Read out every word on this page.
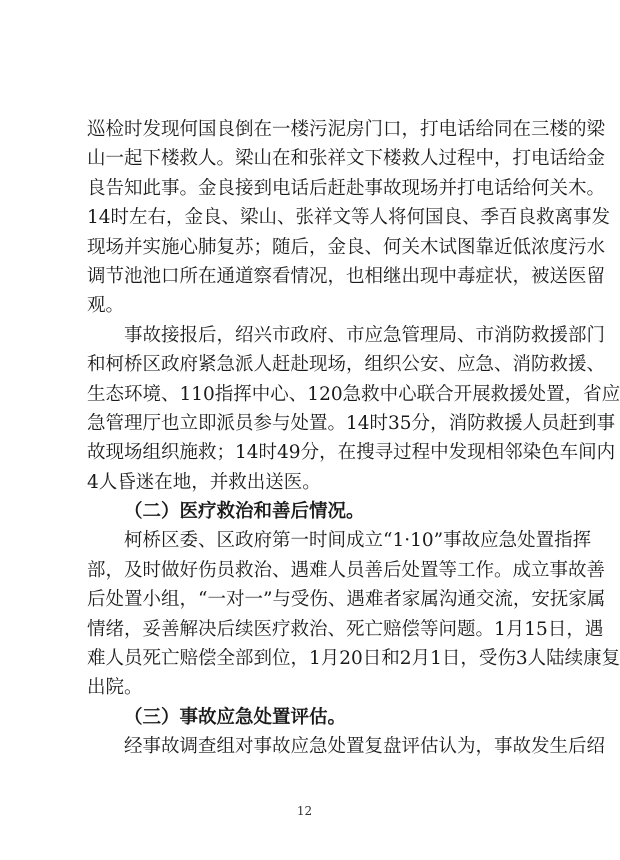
巡检时发现何国良倒在一楼污泥房门口，打电话给同在三楼的梁
山一起下楼救人。梁山在和张祥文下楼救人过程中，打电话给金
良告知此事。金良接到电话后赶赴事故现场并打电话给何关木。
14时左右，金良、梁山、张祥文等人将何国良、季百良救离事发
现场并实施心肺复苏；随后，金良、何关木试图靠近低浓度污水
调节池池口所在通道察看情况，也相继出现中毒症状，被送医留
观。
事故接报后，绍兴市政府、市应急管理局、市消防救援部门
和柯桥区政府紧急派人赶赴现场，组织公安、应急、消防救援、
生态环境、110指挥中心、120急救中心联合开展救援处置，省应
急管理厅也立即派员参与处置。14时35分，消防救援人员赶到事
故现场组织施救；14时49分，在搜寻过程中发现相邻染色车间内
4人昏迷在地，并救出送医。
（二）医疗救治和善后情况。
柯桥区委、区政府第一时间成立“1·10”事故应急处置指挥
部，及时做好伤员救治、遇难人员善后处置等工作。成立事故善
后处置小组，“一对一”与受伤、遇难者家属沟通交流，安抚家属
情绪，妥善解决后续医疗救治、死亡赔偿等问题。1月15日，遇
难人员死亡赔偿全部到位，1月20日和2月1日，受伤3人陆续康复
出院。
（三）事故应急处置评估。
经事故调查组对事故应急处置复盘评估认为，事故发生后绍
12
